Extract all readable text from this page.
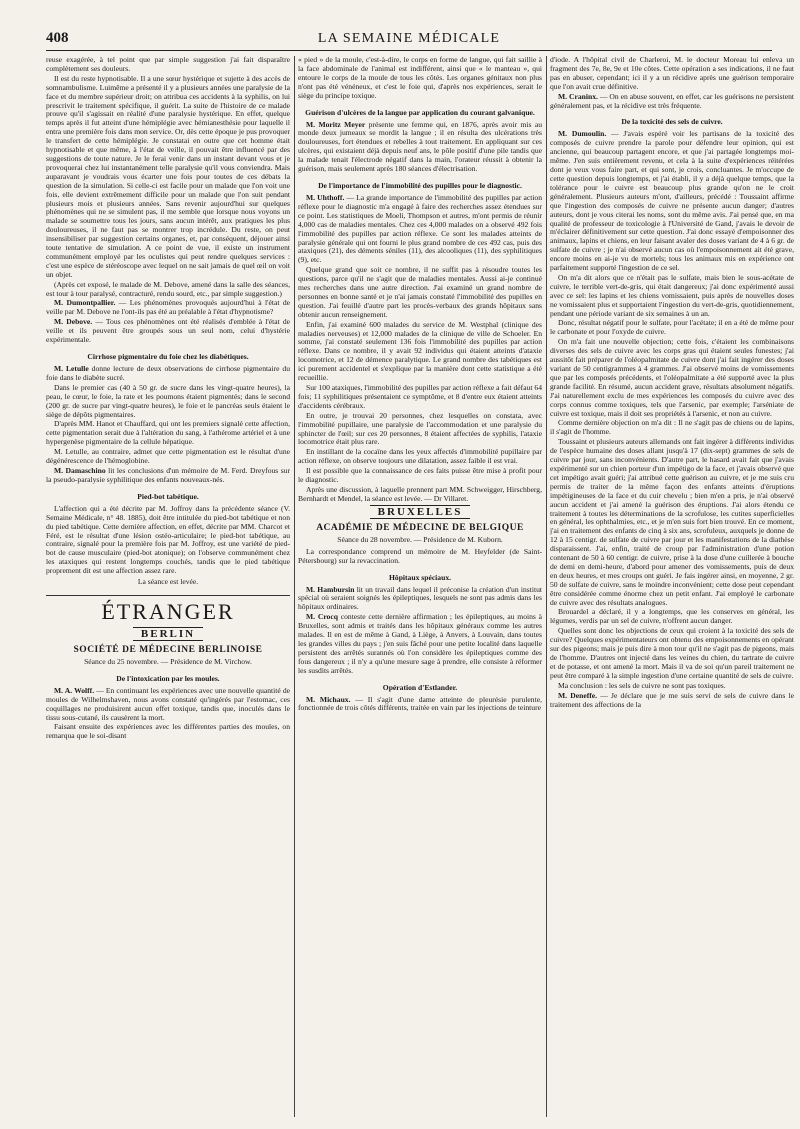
408	LA SEMAINE MÉDICALE

reuse exagérée, à tel point que par simple suggestion j'ai fait disparaître complètement ses douleurs.

Il est du reste hypnotisable. Il a une sœur hystérique et sujette à des accès de somnambulisme. Luimême a présenté il y a plusieurs années une paralysie de la face et du membre supérieur droit; on attribua ces accidents à la syphilis, on lui prescrivit le traitement spécifique, il guérit. La suite de l'histoire de ce malade prouve qu'il s'agissait en réalité d'une paralysie hystérique. En effet, quelque temps après il fut atteint d'une hémiplégie avec hémianesthésie pour laquelle il entra une première fois dans mon service. Or, dès cette époque je pus provoquer le transfert de cette hémiplégie. Je constatai en outre que cet homme était hypnotisable et que même, à l'état de veille, il pouvait être influencé par des suggestions de toute nature. Je le ferai venir dans un instant devant vous et je provoquerai chez lui instantanément telle paralysie qu'il vous conviendra. Mais auparavant je voudrais vous écarter une fois pour toutes de ces débats la question de la simulation. Si celle-ci est facile pour un malade que l'on voit une fois, elle devient extrêmement difficile pour un malade que l'on suit pendant plusieurs mois et plusieurs années. Sans revenir aujourd'hui sur quelques phénomènes qui ne se simulent pas, il me semble que lorsque nous voyons un malade se soumettre tous les jours, sans aucun intérêt, aux pratiques les plus douloureuses, il ne faut pas se montrer trop incrédule. Du reste, on peut insensibiliser par suggestion certains organes, et, par conséquent, déjouer ainsi toute tentative de simulation. A ce point de vue, il existe un instrument communément employé par les oculistes qui peut rendre quelques services : c'est une espèce de stéréoscope avec lequel on ne sait jamais de quel œil on voit un objet.

(Après cet exposé, le malade de M. Debove, amené dans la salle des séances, est tour à tour paralysé, contracturé, rendu sourd, etc., par simple suggestion.)

M. Dumontpallier. — Les phénomènes provoqués aujourd'hui à l'état de veille par M. Debove ne l'ont-ils pas été au préalable à l'état d'hypnotisme?

M. Debove. — Tous ces phénomènes ont été réalisés d'emblée à l'état de veille et ils peuvent être groupés sous un seul nom, celui d'hystérie expérimentale.

Cirrhose pigmentaire du foie chez les diabétiques.

M. Letulle donne lecture de deux observations de cirrhose pigmentaire du foie dans le diabète sucré.

Dans le premier cas (40 à 50 gr. de sucre dans les vingt-quatre heures), la peau, le cœur, le foie, la rate et les poumons étaient pigmentés; dans le second (200 gr. de sucre par vingt-quatre heures), le foie et le pancréas seuls étaient le siège de dépôts pigmentaires.

D'après MM. Hanot et Chauffard, qui ont les premiers signalé cette affection, cette pigmentation serait due à l'altération du sang, à l'athérome artériel et à une hypergenèse pigmentaire de la cellule hépatique.

M. Letulle, au contraire, admet que cette pigmentation est le résultat d'une dégénérescence de l'hémoglobine.

M. Damaschino lit les conclusions d'un mémoire de M. Ferd. Dreyfous sur la pseudo-paralysie syphilitique des enfants nouveaux-nés.

Pied-bot tabétique.

L'affection qui a été décrite par M. Joffroy dans la précédente séance (V. Semaine Médicale, n° 48. 1885), doit être intitulée du pied-bot tabétique et non du pied tabétique. Cette dernière affection, en effet, décrite par MM. Charcot et Féré, est le résultat d'une lésion ostéo-articulaire; le pied-bot tabétique, au contraire, signalé pour la première fois par M. Joffroy, est une variété de pied-bot de cause musculaire (pied-bot atonique); on l'observe communément chez les ataxiques qui restent longtemps couchés, tandis que le pied tabétique proprement dit est une affection assez rare.

La séance est levée.
ÉTRANGER
BERLIN
SOCIÉTÉ DE MÉDECINE BERLINOISE
Séance du 25 novembre. — Présidence de M. Virchow.
De l'intoxication par les moules.

M. A. Wolff. — En continuant les expériences avec une nouvelle quantité de moules de Wilhelmshaven, nous avons constaté qu'ingérés par l'estomac, ces coquillages ne produisirent aucun effet toxique, tandis que, inoculés dans le tissu sous-cutané, ils causèrent la mort.

Faisant ensuite des expériences avec les différentes parties des moules, on remarqua que le soi-disant

« pied » de la moule, c'est-à-dire, le corps en forme de langue, qui fait saillie à la face abdominale de l'animal est indifférent, ainsi que « le manteau », qui entoure le corps de la moule de tous les côtés. Les organes génitaux non plus n'ont pas été vénéneux, et c'est le foie qui, d'après nos expériences, serait le siège du principe toxique.

Guérison d'ulcères de la langue par application du courant galvanique.

M. Moritz Meyer présente une femme qui, en 1876, après avoir mis au monde deux jumeaux se mordit la langue ; il en résulta des ulcérations très douloureuses, fort étendues et rebelles à tout traitement. En appliquant sur ces ulcères, qui existaient déjà depuis neuf ans, le pôle positif d'une pile tandis que la malade tenait l'électrode négatif dans la main, l'orateur réussit à obtenir la guérison, mais seulement après 180 séances d'électrisation.

De l'importance de l'immobilité des pupilles pour le diagnostic.

M. Uhthoff. — La grande importance de l'immobilité des pupilles par action réflexe pour le diagnostic m'a engagé à faire des recherches assez étendues sur ce point. Les statistiques de Moeli, Thompson et autres, m'ont permis de réunir 4,000 cas de maladies mentales. Chez ces 4,000 malades on a observé 492 fois l'immobilité des pupilles par action réflexe. Ce sont les malades atteints de paralysie générale qui ont fourni le plus grand nombre de ces 492 cas, puis des ataxiques (21), des déments séniles (11), des alcooliques (11), des syphilitiques (9), etc.

Quelque grand que soit ce nombre, il ne suffit pas à résoudre toutes les questions, parce qu'il ne s'agit que de maladies mentales. Aussi ai-je continué mes recherches dans une autre direction. J'ai examiné un grand nombre de personnes en bonne santé et je n'ai jamais constaté l'immobilité des pupilles en question. J'ai feuillé d'autre part les procès-verbaux des grands hôpitaux sans obtenir aucun renseignement.

Enfin, j'ai examiné 600 malades du service de M. Westphal (clinique des maladies nerveuses) et 12,000 malades de la clinique de ville de Schoeler. En somme, j'ai constaté seulement 136 fois l'immobilité des pupilles par action réflexe. Dans ce nombre, il y avait 92 individus qui étaient atteints d'ataxie locomotrice, et 12 de démence paralytique. Le grand nombre des tabétiques est ici purement accidentel et s'explique par la manière dont cette statistique a été recueillie.

Sur 100 ataxiques, l'immobilité des pupilles par action réflexe a fait défaut 64 fois; 11 syphilitiques présentaient ce symptôme, et 8 d'entre eux étaient atteints d'accidents cérébraux.

En outre, je trouvai 20 personnes, chez lesquelles on constata, avec l'immobilité pupillaire, une paralysie de l'accommodation et une paralysie du sphincter de l'œil; sur ces 20 personnes, 8 étaient affectées de syphilis, l'ataxie locomotrice était plus rare.

En instillant de la cocaïne dans les yeux affectés d'immobilité pupillaire par action réflexe, on observe toujours une dilatation, assez faible il est vrai.

Il est possible que la connaissance de ces faits puisse être mise à profit pour le diagnostic.

Après une discussion, à laquelle prennent part MM. Schweigger, Hirschberg, Bernhardt et Mendel, la séance est levée. — Dr Villaret.

BRUXELLES
ACADÉMIE DE MÉDECINE DE BELGIQUE
Séance du 28 novembre. — Présidence de M. Kuborn.

La correspondance comprend un mémoire de M. Heyfelder (de Saint-Pétersbourg) sur la revaccination.

Hôpitaux spéciaux.

M. Hambursin lit un travail dans lequel il préconise la création d'un institut spécial où seraient soignés les épileptiques, lesquels ne sont pas admis dans les hôpitaux ordinaires.

M. Crocq conteste cette dernière affirmation ; les épileptiques, au moins à Bruxelles, sont admis et traités dans les hôpitaux généraux comme les autres malades. Il en est de même à Gand, à Liège, à Anvers, à Louvain, dans toutes les grandes villes du pays ; j'en suis fâché pour une petite localité dans laquelle persistent des arrêtés surannés où l'on considère les épileptiques comme des fous dangereux ; il n'y a qu'une mesure sage à prendre, elle consiste à réformer les susdits arrêtés.

Opération d'Estlander.

M. Michaux. — Il s'agit d'une dame atteinte de pleurésie purulente, fonctionnée de trois côtés différents, traitée en vain par les injections de teinture

d'iode. A l'hôpital civil de Charleroi, M. le docteur Moreau lui enleva un fragment des 7e, 8e, 9e et 10e côtes. Cette opération a ses indications, il ne faut pas en abuser, cependant; ici il y a un récidive après une guérison temporaire que l'on avait crue définitive.

M. Craninx. — On en abuse souvent, en effet, car les guérisons ne persistent généralement pas, et la récidive est très fréquente.

De la toxicité des sels de cuivre.

M. Dumoulin. — J'avais espéré voir les partisans de la toxicité des composés de cuivre prendre la parole pour défendre leur opinion, qui est ancienne, qui beaucoup partagent encore, et que j'ai partagée longtemps moi-même. J'en suis entièrement revenu, et cela à la suite d'expériences réitérées dont je veux vous faire part, et qui sont, je crois, concluantes. Je m'occupe de cette question depuis longtemps, et j'ai établi, il y a déjà quelque temps, que la tolérance pour le cuivre est beaucoup plus grande qu'on ne le croit généralement. Plusieurs auteurs m'ont, d'ailleurs, précédé : Toussaint affirme que l'ingestion des composés de cuivre ne présente aucun danger; d'autres auteurs, dont je vous citerai les noms, sont du même avis. J'ai pensé que, en ma qualité de professeur de toxicologie à l'Université de Gand, j'avais le devoir de m'éclairer définitivement sur cette question. J'ai donc essayé d'empoisonner des animaux, lapins et chiens, en leur faisant avaler des doses variant de 4 à 6 gr. de sulfate de cuivre ; je n'ai observé aucun cas où l'empoisonnement ait été grave, encore moins en ai-je vu de mortels; tous les animaux mis en expérience ont parfaitement supporté l'ingestion de ce sel.

On m'a dit alors que ce n'était pas le sulfate, mais bien le sous-acétate de cuivre, le terrible vert-de-gris, qui était dangereux; j'ai donc expérimenté aussi avec ce sel: les lapins et les chiens vomissaient, puis après de nouvelles doses ne vomissaient plus et supportaient l'ingestion du vert-de-gris, quotidiennement, pendant une période variant de six semaines à un an.

Donc, résultat négatif pour le sulfate, pour l'acétate; il en a été de même pour le carbonate et pour l'oxyde de cuivre.

On m'a fait une nouvelle objection; cette fois, c'étaient les combinaisons diverses des sels de cuivre avec les corps gras qui étaient seules funestes; j'ai aussitôt fait préparer de l'oléopalmitate de cuivre dont j'ai fait ingérer des doses variant de 50 centigrammes à 4 grammes. J'ai observé moins de vomissements que par les composés précédents, et l'oléopalmitate a été supporté avec la plus grande facilité. En résumé, aucun accident grave, résultats absolument négatifs. J'ai naturellement exclu de mes expériences les composés du cuivre avec des corps connus comme toxiques, tels que l'arsenic, par exemple; l'arséniate de cuivre est toxique, mais il doit ses propriétés à l'arsenic, et non au cuivre.

Comme dernière objection on m'a dit : Il ne s'agit pas de chiens ou de lapins, il s'agit de l'homme.

Toussaint et plusieurs auteurs allemands ont fait ingérer à différents individus de l'espèce humaine des doses allant jusqu'à 17 (dix-sept) grammes de sels de cuivre par jour, sans inconvénients. D'autre part, le hasard avait fait que j'avais expérimenté sur un chien porteur d'un impétigo de la face, et j'avais observé que cet impétigo avait guéri; j'ai attribué cette guérison au cuivre, et je me suis cru permis de traiter de la même façon des enfants atteints d'éruptions impétigineuses de la face et du cuir chevelu ; bien m'en a pris, je n'ai observé aucun accident et j'ai amené la guérison des éruptions. J'ai alors étendu ce traitement à toutes les déterminations de la scrofulose, les cutites superficielles en général, les ophthalmies, etc., et je m'en suis fort bien trouvé. En ce moment, j'ai en traitement des enfants de cinq à six ans, scrofuleux, auxquels je donne de 12 à 15 centigr. de sulfate de cuivre par jour et les manifestations de la diathèse disparaissent. J'ai, enfin, traité de croup par l'administration d'une potion contenant de 50 à 60 centigr. de cuivre, prise à la dose d'une cuillerée à bouche de demi en demi-heure, d'abord pour amener des vomissements, puis de deux en deux heures, et mes croups ont guéri. Je fais ingérer ainsi, en moyenne, 2 gr. 50 de sulfate de cuivre, sans le moindre inconvénient; cette dose peut cependant être considérée comme énorme chez un petit enfant. J'ai employé le carbonate de cuivre avec des résultats analogues.

Brouardel a déclaré, il y a longtemps, que les conserves en général, les légumes, verdis par un sel de cuivre, n'offrent aucun danger.

Quelles sont donc les objections de ceux qui croient à la toxicité des sels de cuivre? Quelques expérimentateurs ont obtenu des empoisonnements en opérant sur des pigeons; mais je puis dire à mon tour qu'il ne s'agit pas de pigeons, mais de l'homme. D'autres ont injecté dans les veines du chien, du tartrate de cuivre et de potasse, et ont amené la mort. Mais il va de soi qu'un pareil traitement ne peut être comparé à la simple ingestion d'une certaine quantité de sels de cuivre.

Ma conclusion : les sels de cuivre ne sont pas toxiques.

M. Deneffe. — Je déclare que je me suis servi de sels de cuivre dans le traitement des affections de la
